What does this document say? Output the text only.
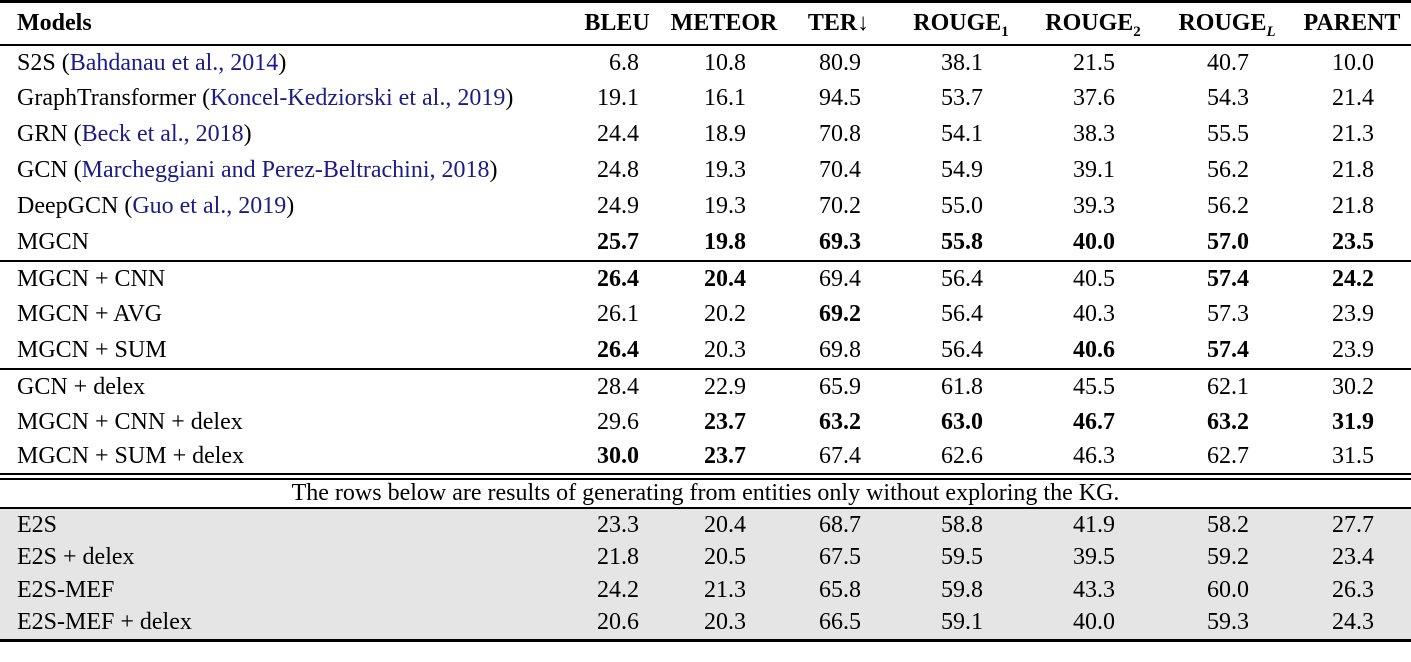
Models	BLEU	METEOR	TER↓	$ROUGE_1$	$ROUGE_2$	$ROUGE_L$	PARENT
S2S (Bahdanau et al., 2014)	6.8	10.8	80.9	38.1	21.5	40.7	10.0
GraphTransformer (Koncel-Kedziorski et al., 2019)	19.1	16.1	94.5	53.7	37.6	54.3	21.4
GRN (Beck et al., 2018)	24.4	18.9	70.8	54.1	38.3	55.5	21.3
GCN (Marcheggiani and Perez-Beltrachini, 2018)	24.8	19.3	70.4	54.9	39.1	56.2	21.8
DeepGCN (Guo et al., 2019)	24.9	19.3	70.2	55.0	39.3	56.2	21.8
MGCN	25.7	19.8	69.3	55.8	40.0	57.0	23.5
MGCN + CNN	26.4	20.4	69.4	56.4	40.5	57.4	24.2
MGCN + AVG	26.1	20.2	69.2	56.4	40.3	57.3	23.9
MGCN + SUM	26.4	20.3	69.8	56.4	40.6	57.4	23.9
GCN + delex	28.4	22.9	65.9	61.8	45.5	62.1	30.2
MGCN + CNN + delex	29.6	23.7	63.2	63.0	46.7	63.2	31.9
MGCN + SUM + delex	30.0	23.7	67.4	62.6	46.3	62.7	31.5
The rows below are results of generating from entities only without exploring the KG.							
E2S	23.3	20.4	68.7	58.8	41.9	58.2	27.7
E2S + delex	21.8	20.5	67.5	59.5	39.5	59.2	23.4
E2S-MEF	24.2	21.3	65.8	59.8	43.3	60.0	26.3
E2S-MEF + delex	20.6	20.3	66.5	59.1	40.0	59.3	24.3
